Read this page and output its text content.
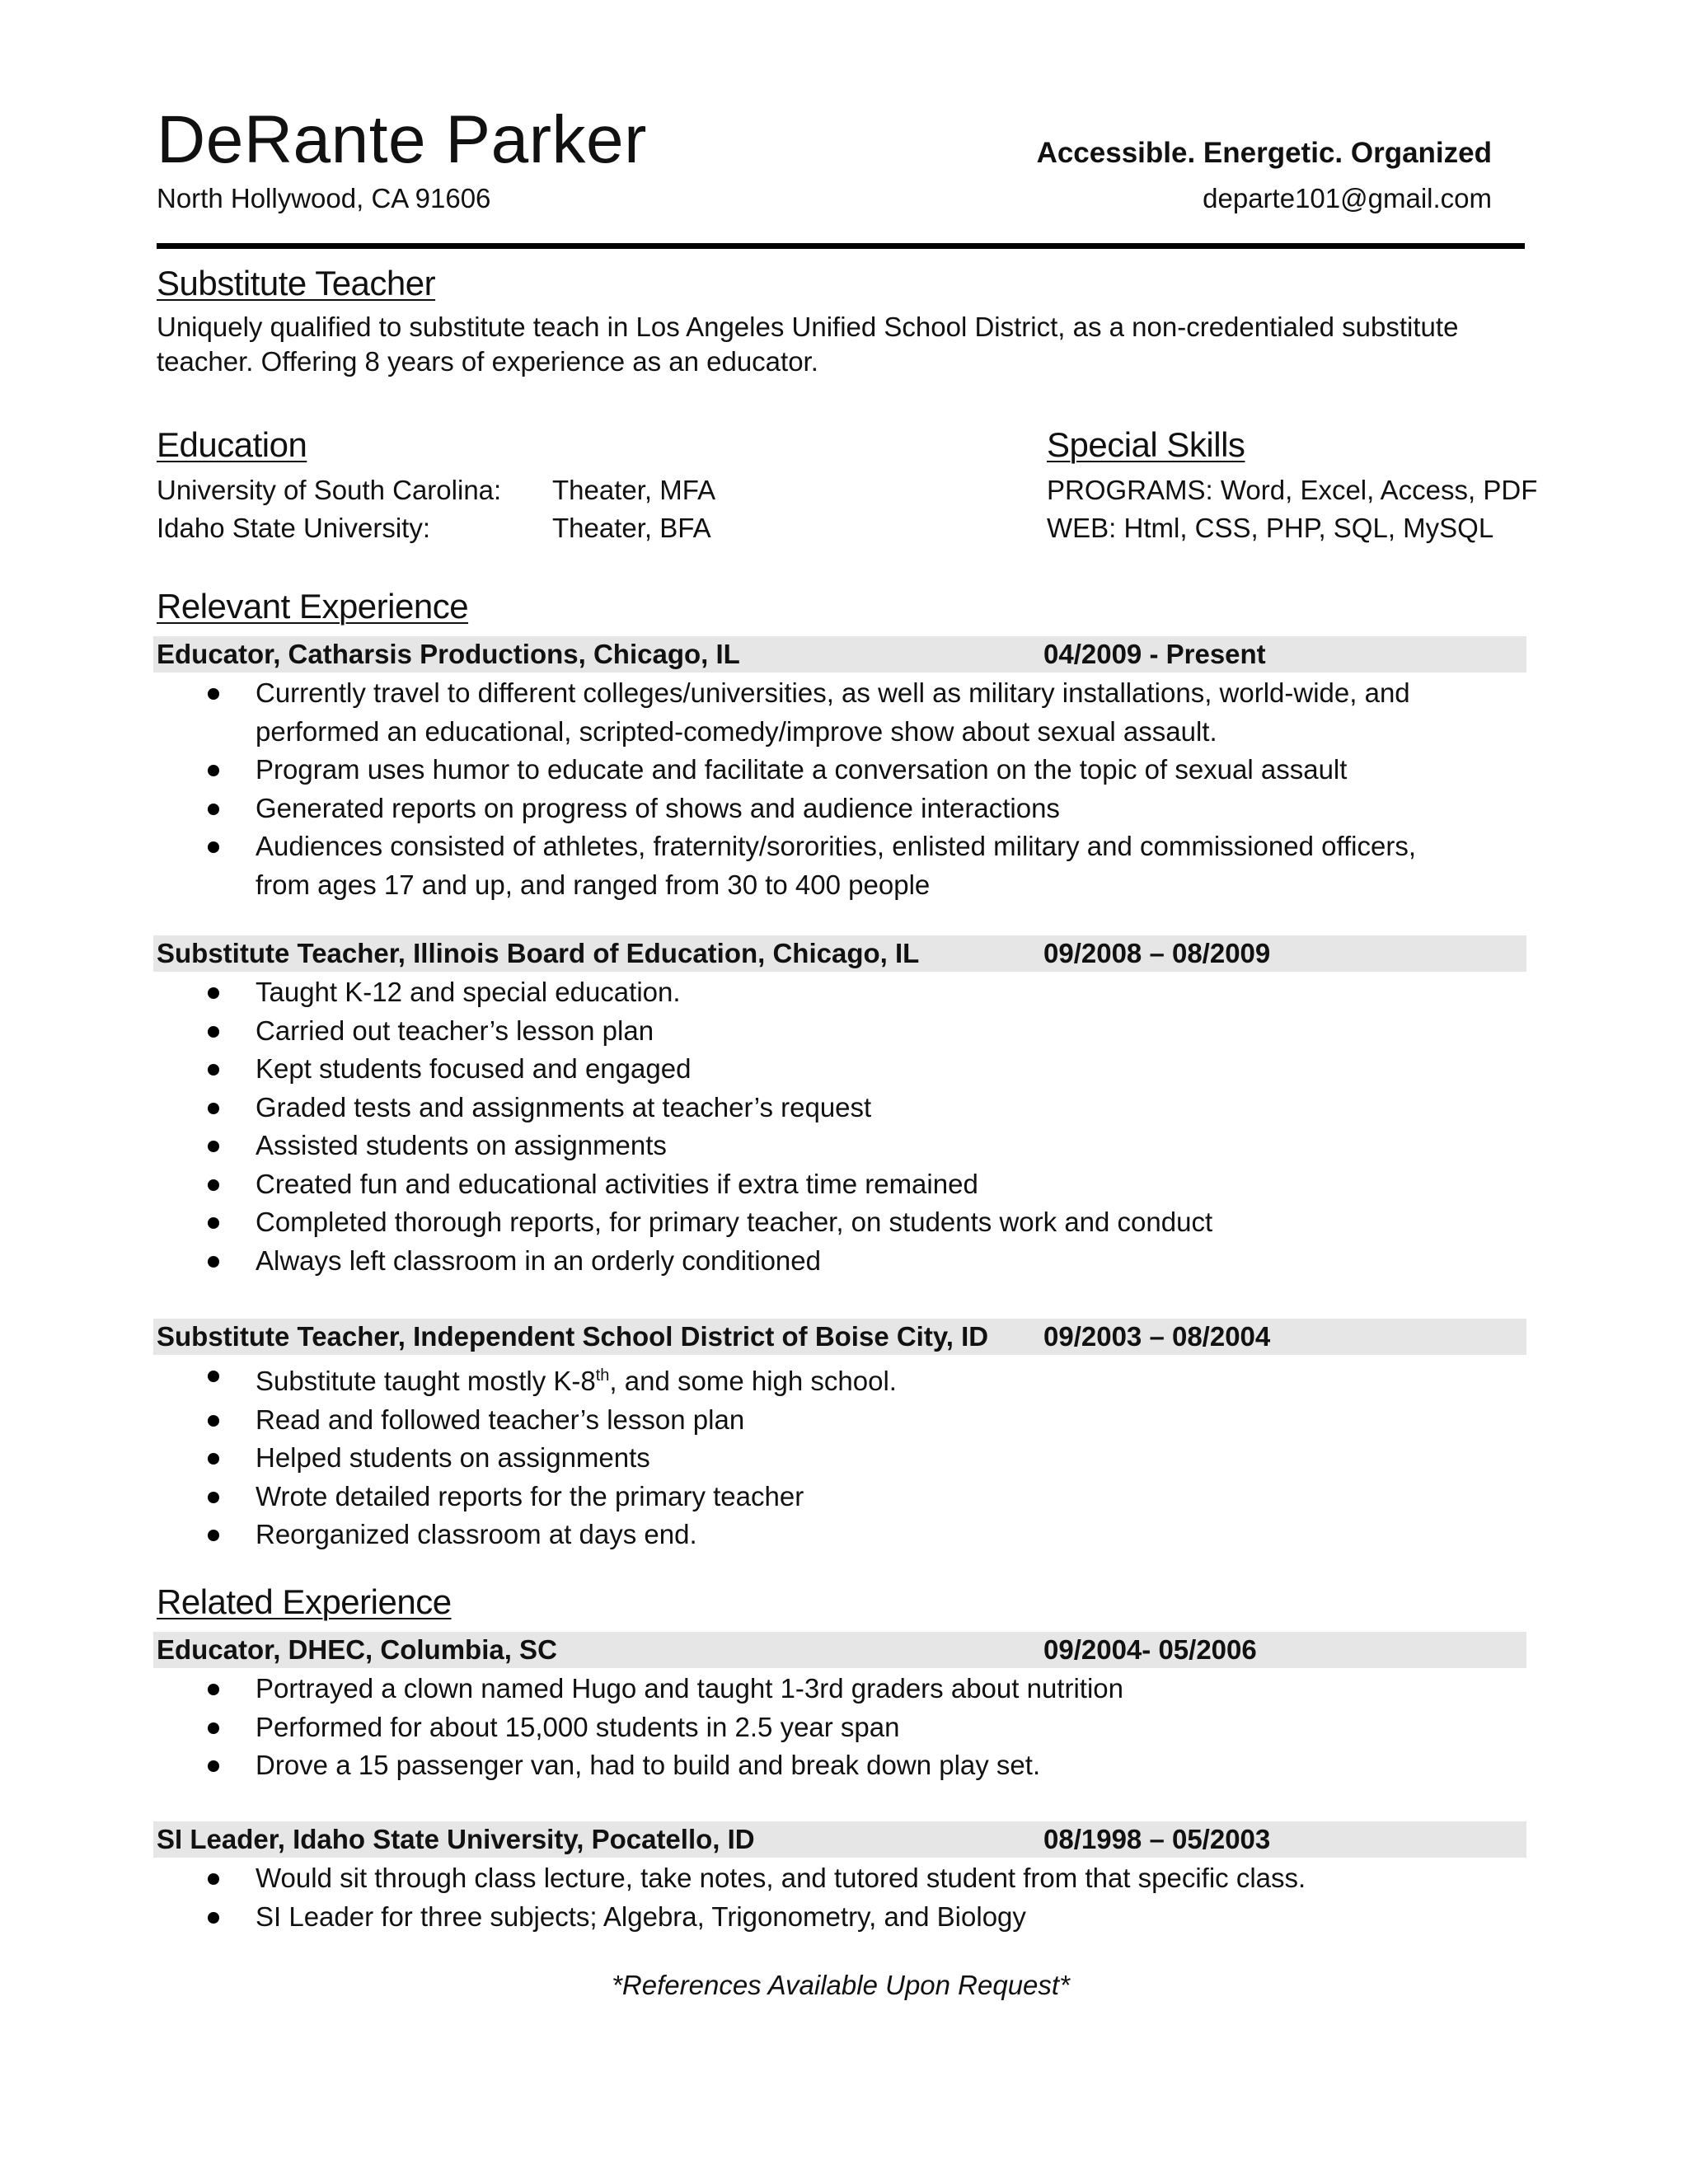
DeRante Parker	Accessible. Energetic. Organized
North Hollywood, CA 91606	departe101@gmail.com
Substitute Teacher
Uniquely qualified to substitute teach in Los Angeles Unified School District, as a non-credentialed substitute
teacher. Offering 8 years of experience as an educator.
Education
University of South Carolina: Theater, MFA
Idaho State University:	Theater, BFA
Special Skills
PROGRAMS: Word, Excel, Access, PDF
WEB: Html, CSS, PHP, SQL, MySQL
Relevant Experience
Educator, Catharsis Productions, Chicago, IL	04/2009 - Present
Currently travel to different colleges/universities, as well as military installations, world-wide, and
performed an educational, scripted-comedy/improve show about sexual assault.
Program uses humor to educate and facilitate a conversation on the topic of sexual assault
Generated reports on progress of shows and audience interactions
Audiences consisted of athletes, fraternity/sororities, enlisted military and commissioned officers,
from ages 17 and up, and ranged from 30 to 400 people
Substitute Teacher, Illinois Board of Education, Chicago, IL	09/2008 – 08/2009
Taught K-12 and special education.
Carried out teacher’s lesson plan
Kept students focused and engaged
Graded tests and assignments at teacher’s request
Assisted students on assignments
Created fun and educational activities if extra time remained
Completed thorough reports, for primary teacher, on students work and conduct
Always left classroom in an orderly conditioned
Substitute Teacher, Independent School District of Boise City, ID 09/2003 – 08/2004
Substitute taught mostly K-8th, and some high school.
Read and followed teacher’s lesson plan
Helped students on assignments
Wrote detailed reports for the primary teacher
Reorganized classroom at days end.
Related Experience
Educator, DHEC, Columbia, SC	09/2004- 05/2006
Portrayed a clown named Hugo and taught 1-3rd graders about nutrition
Performed for about 15,000 students in 2.5 year span
Drove a 15 passenger van, had to build and break down play set.
SI Leader, Idaho State University, Pocatello, ID	08/1998 – 05/2003
Would sit through class lecture, take notes, and tutored student from that specific class.
SI Leader for three subjects; Algebra, Trigonometry, and Biology
*References Available Upon Request*
